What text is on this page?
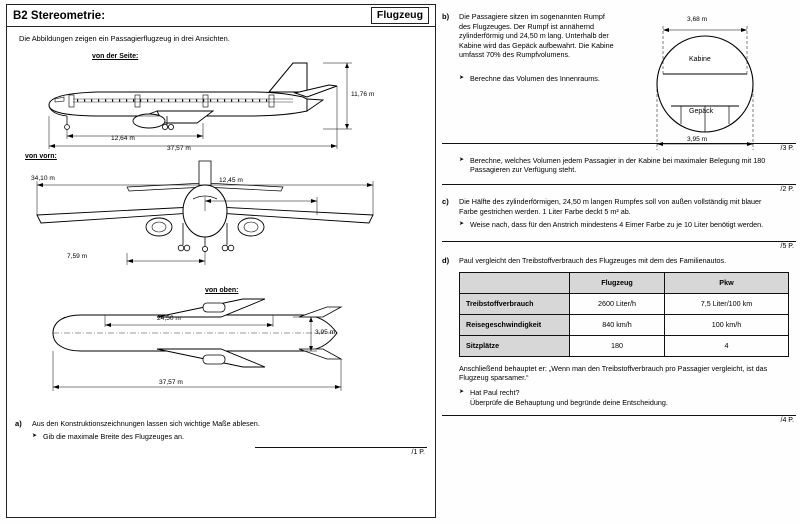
B2 Stereometrie:	Flugzeug
Die Abbildungen zeigen ein Passagierflugzeug in drei Ansichten.
von der Seite:
11,76 m
12,64 m
37,57 m
von vorn:
34,10 m	12,45 m
7,59 m
von oben:
24,50 m
3,95 m
37,57 m
a) Aus den Konstruktionszeichnungen lassen sich wichtige Maße ablesen.
➤ Gib die maximale Breite des Flugzeuges an.
/1 P.
b) Die Passagiere sitzen im sogenannten Rumpf des Flugzeuges. Der Rumpf ist annähernd zylinderförmig und 24,50 m lang. Unterhalb der Kabine wird das Gepäck aufbewahrt. Die Kabine umfasst 70% des Rumpfvolumens.
3,68 m
3,95 m
Kabine
Gepäck
➤ Berechne das Volumen des Innenraums.
/3 P.
➤ Berechne, welches Volumen jedem Passagier in der Kabine bei maximaler Belegung mit 180 Passagieren zur Verfügung steht.
/2 P.
c) Die Hälfte des zylinderförmigen, 24,50 m langen Rumpfes soll von außen vollständig mit blauer Farbe gestrichen werden. 1 Liter Farbe deckt 5 m² ab.
➤ Weise nach, dass für den Anstrich mindestens 4 Eimer Farbe zu je 10 Liter benötigt werden.
/5 P.
d) Paul vergleicht den Treibstoffverbrauch des Flugzeuges mit dem des Familienautos.
	Flugzeug	Pkw
Treibstoffverbrauch	2600 Liter/h	7,5 Liter/100 km
Reisegeschwindigkeit	840 km/h	100 km/h
Sitzplätze	180	4
Anschließend behauptet er: „Wenn man den Treibstoffverbrauch pro Passagier vergleicht, ist das Flugzeug sparsamer.“
➤ Hat Paul recht?
Überprüfe die Behauptung und begründe deine Entscheidung.
/4 P.
